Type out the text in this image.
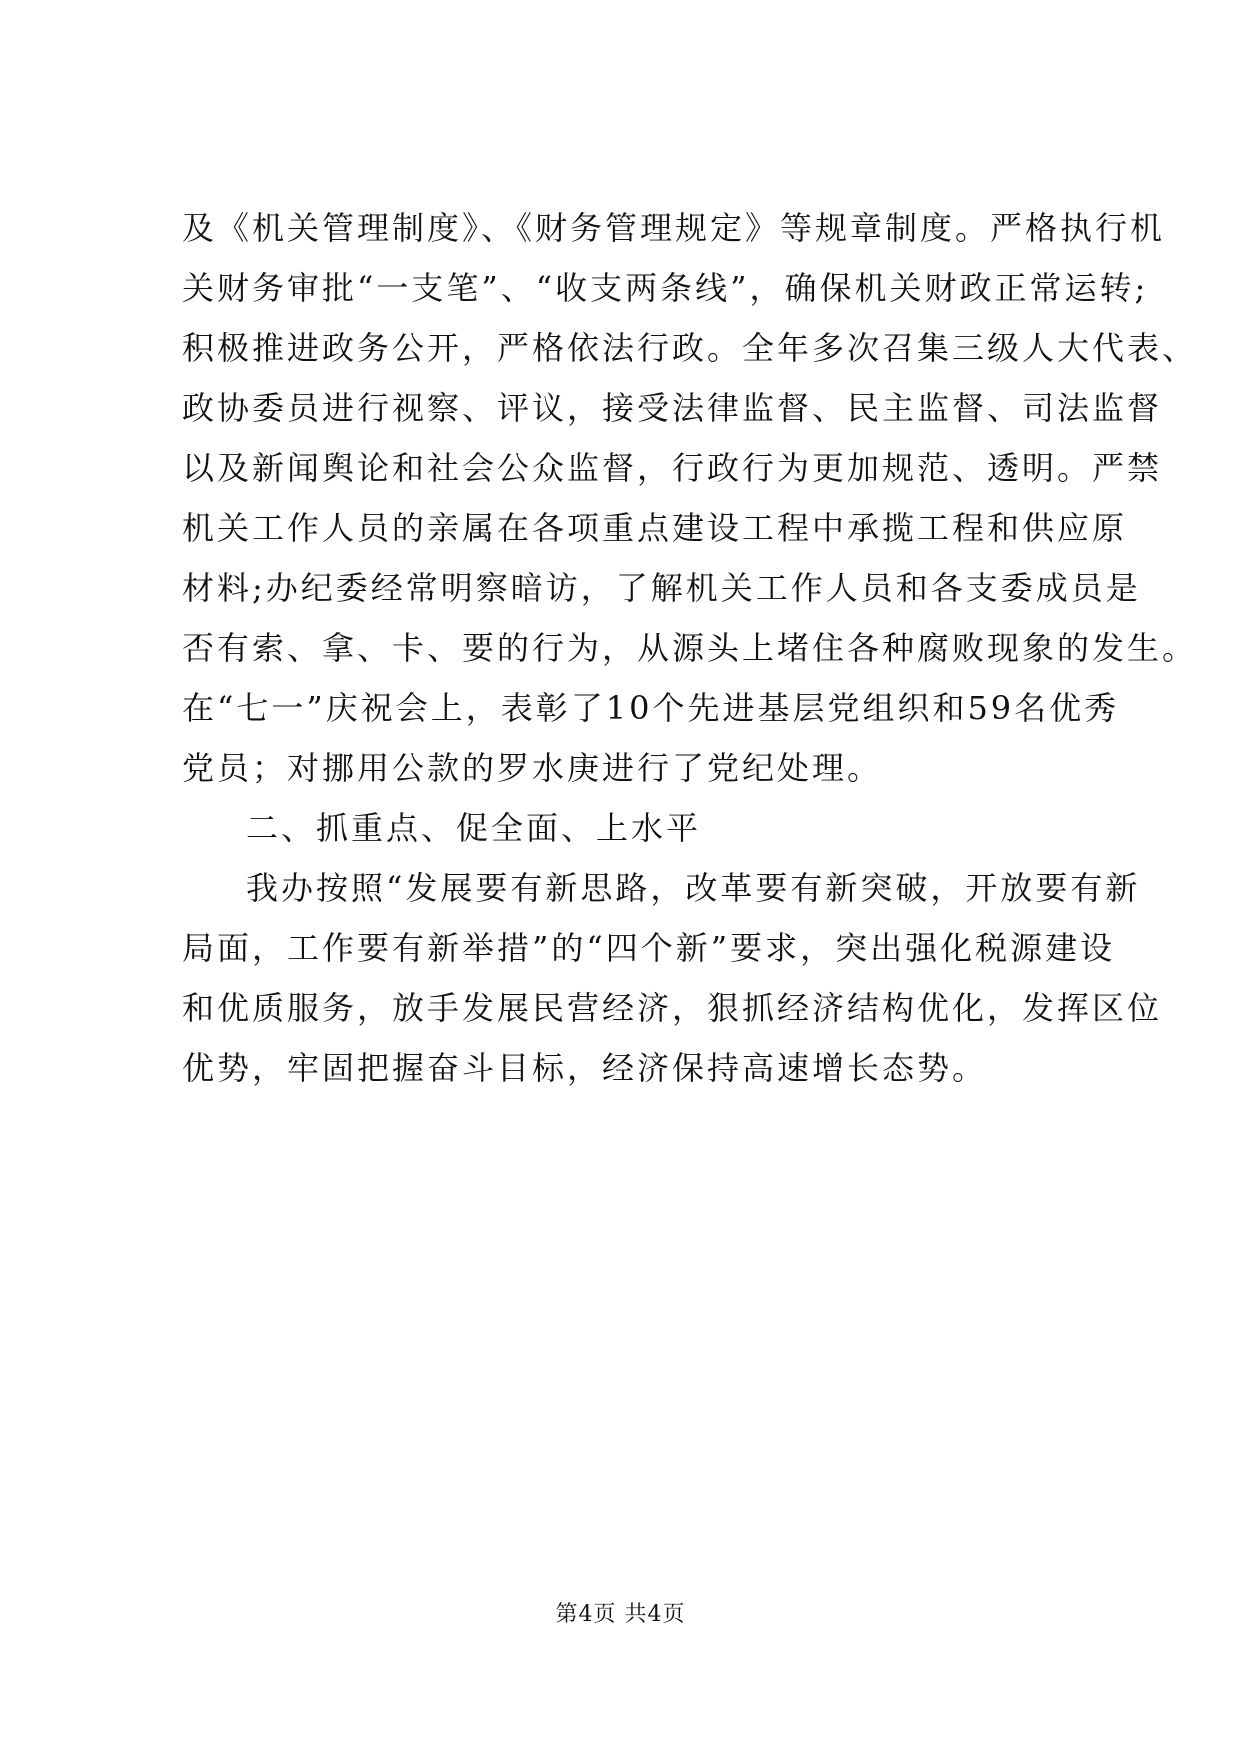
及《机关管理制度》、《财务管理规定》等规章制度。严格执行机
关财务审批“一支笔”、“收支两条线”，确保机关财政正常运转;
积极推进政务公开，严格依法行政。全年多次召集三级人大代表、
政协委员进行视察、评议，接受法律监督、民主监督、司法监督
以及新闻舆论和社会公众监督，行政行为更加规范、透明。严禁
机关工作人员的亲属在各项重点建设工程中承揽工程和供应原
材料;办纪委经常明察暗访，了解机关工作人员和各支委成员是
否有索、拿、卡、要的行为，从源头上堵住各种腐败现象的发生。
在“七一”庆祝会上，表彰了10个先进基层党组织和59名优秀
党员；对挪用公款的罗水庚进行了党纪处理。
二、抓重点、促全面、上水平
我办按照“发展要有新思路，改革要有新突破，开放要有新
局面，工作要有新举措”的“四个新”要求，突出强化税源建设
和优质服务，放手发展民营经济，狠抓经济结构优化，发挥区位
优势，牢固把握奋斗目标，经济保持高速增长态势。
第4页 共4页
